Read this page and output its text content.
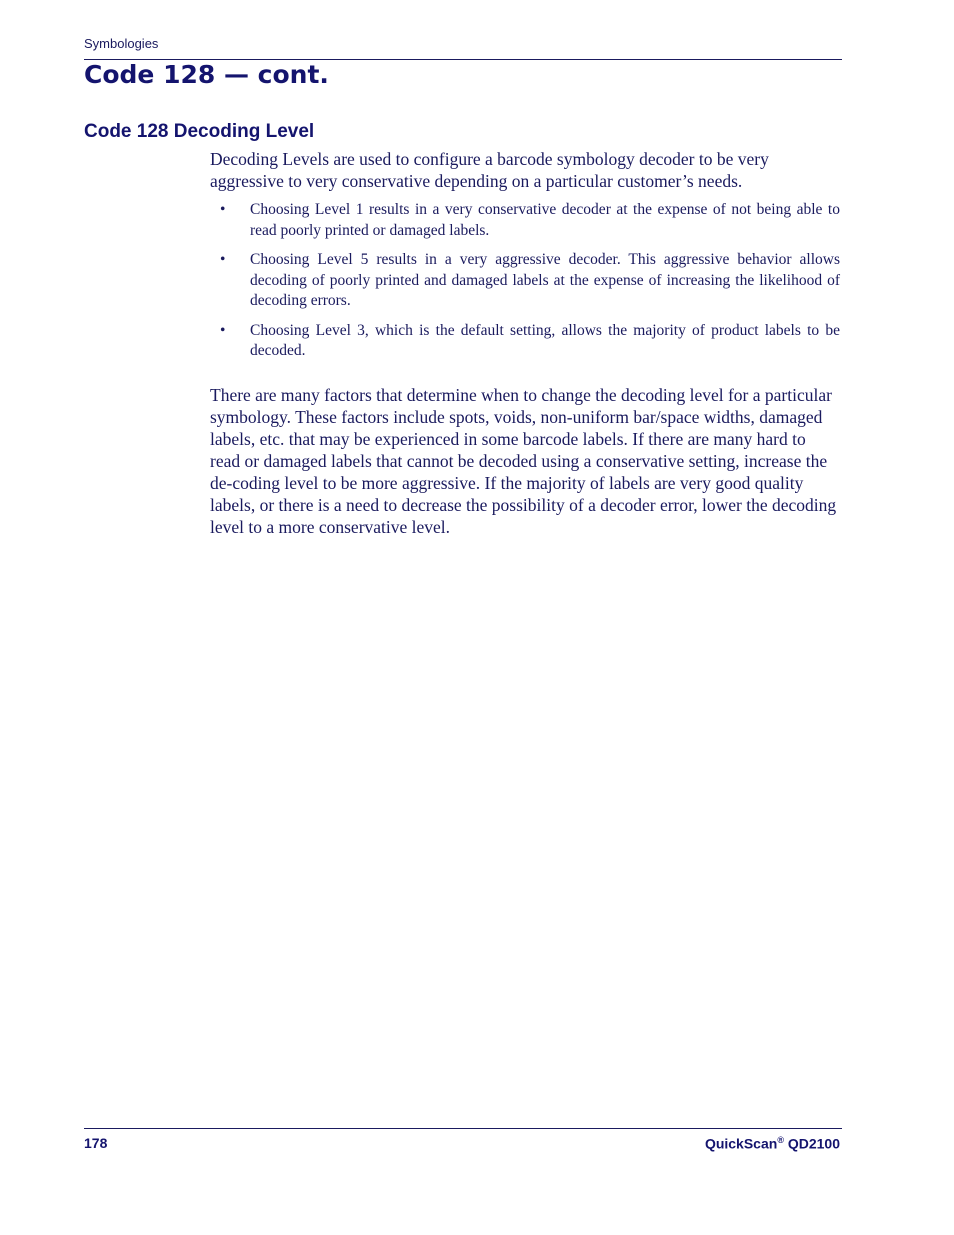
Symbologies
Code 128 — cont.
Code 128 Decoding Level

Decoding Levels are used to configure a barcode symbology decoder to be very aggressive to very conservative depending on a particular customer’s needs.

• Choosing Level 1 results in a very conservative decoder at the expense of not being able to read poorly printed or damaged labels.
• Choosing Level 5 results in a very aggressive decoder. This aggressive behavior allows decoding of poorly printed and damaged labels at the expense of increasing the likelihood of decoding errors.
• Choosing Level 3, which is the default setting, allows the majority of product labels to be decoded.

There are many factors that determine when to change the decoding level for a particular symbology. These factors include spots, voids, non-uniform bar/space widths, damaged labels, etc. that may be experienced in some barcode labels. If there are many hard to read or damaged labels that cannot be decoded using a conservative setting, increase the de-coding level to be more aggressive. If the majority of labels are very good quality labels, or there is a need to decrease the possibility of a decoder error, lower the decoding level to a more conservative level.

178	QuickScan® QD2100
